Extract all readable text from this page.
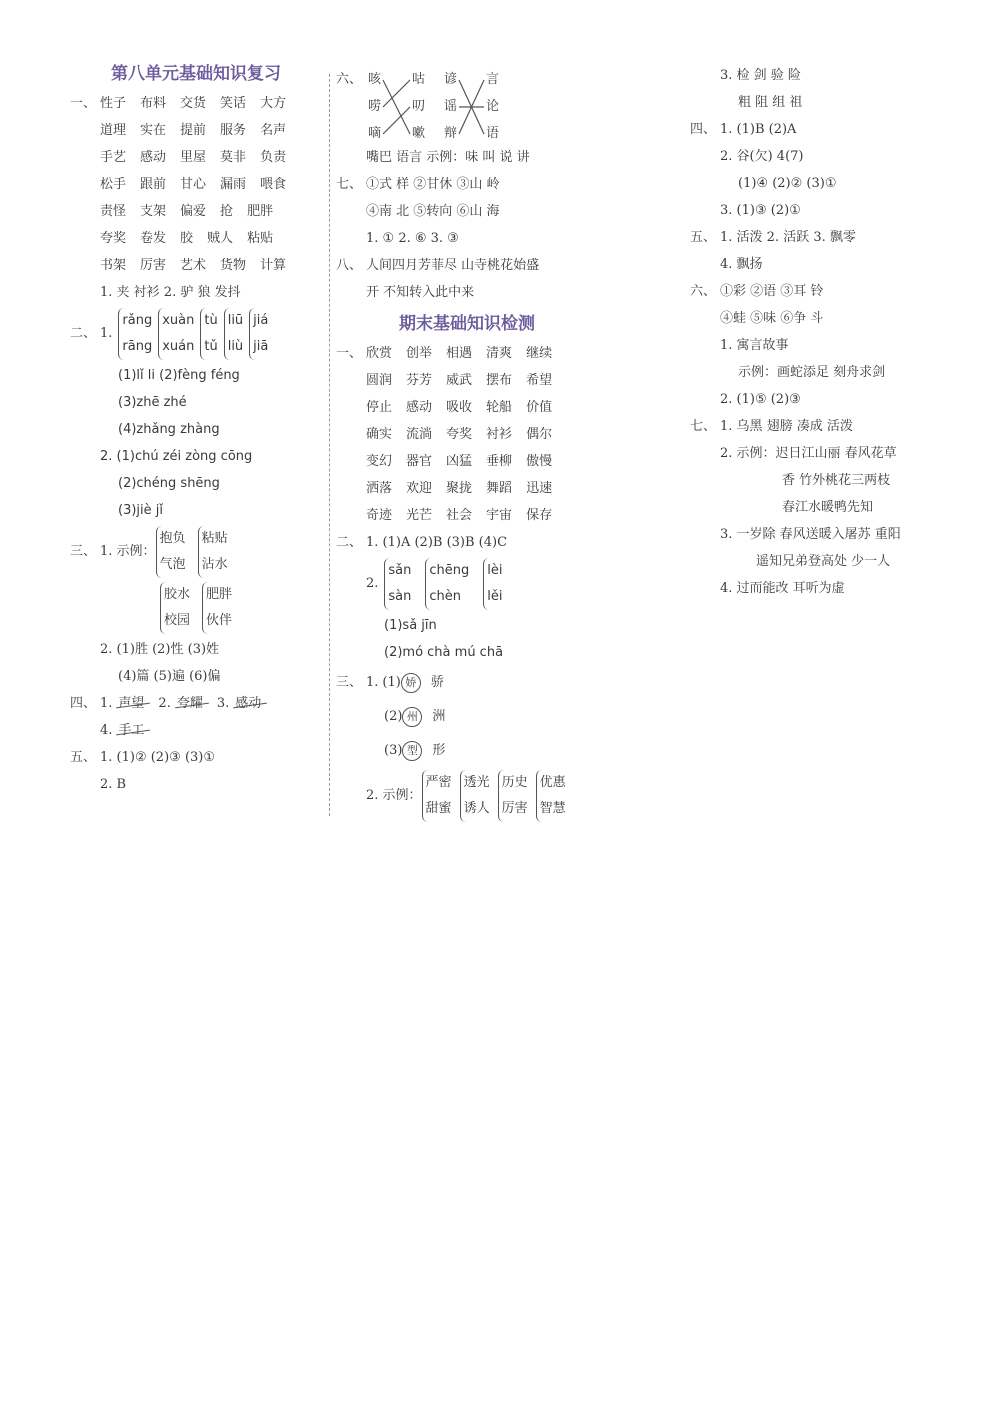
第八单元基础知识复习
一、 性子 布料 交货 笑话 大方
道理 实在 提前 服务 名声
手艺 感动 里屋 莫非 负责
松手 跟前 甘心 漏雨 喂食
责怪 支架 偏爱 抢 肥胖
夸奖 卷发 胶 贼人 粘贴
书架 厉害 艺术 货物 计算
1. 夹 衬衫 2. 驴 狼 发抖
二、 1.
rǎng
rāng
xuàn
xuán
tù
tǔ
liū
liù
jiá
jiā
(1)lǐ li (2)fèng féng
(3)zhē zhé
(4)zhǎng zhàng
2. (1)chú zéi zòng cōng
(2)chéng shēng
(3)jiè jǐ
三、 1. 示例：
抱负
气泡
粘贴
沾水
胶水
校园
肥胖
伙伴
2. (1)胜 (2)性 (3)姓
(4)篇 (5)遍 (6)偏
四、 1. 声望 2. 夸耀 3. 感动
4. 手工
五、 1. (1)② (2)③ (3)①
2. B
六、 咳
唠
嘀
咕
叨
嗽
谚
谣
辩
言
论
语
嘴巴 语言 示例：味 叫 说 讲
七、 ①式 样 ②甘休 ③山 岭
④南 北 ⑤转向 ⑥山 海
1. ① 2. ⑥ 3. ③
八、 人间四月芳菲尽 山寺桃花始盛
开 不知转入此中来
期末基础知识检测
一、 欣赏 创举 相遇 清爽 继续
圆润 芬芳 威武 摆布 希望
停止 感动 吸收 轮船 价值
确实 流淌 夸奖 衬衫 偶尔
变幻 器官 凶猛 垂柳 傲慢
洒落 欢迎 聚拢 舞蹈 迅速
奇迹 光芒 社会 宇宙 保存
二、 1. (1)A (2)B (3)B (4)C
2.
sǎn
sàn
chēng
chèn
lèi
lěi
(1)sǎ jīn
(2)mó chà mú chā
三、 1. (1) 娇 骄
(2) 州 洲
(3) 型 形
2. 示例：
严密
甜蜜
透光
诱人
历史
厉害
优惠
智慧
3. 检 剑 验 险
粗 阻 组 祖
四、 1. (1)B (2)A
2. 谷(欠) 4(7)
(1)④ (2)② (3)①
3. (1)③ (2)①
五、 1. 活泼 2. 活跃 3. 飘零
4. 飘扬
六、 ①彩 ②语 ③耳 铃
④蛙 ⑤味 ⑥争 斗
1. 寓言故事
示例：画蛇添足 刻舟求剑
2. (1)⑤ (2)③
七、 1. 乌黑 翅膀 凑成 活泼
2. 示例：迟日江山丽 春风花草
香 竹外桃花三两枝
春江水暖鸭先知
3. 一岁除 春风送暖入屠苏 重阳
遥知兄弟登高处 少一人
4. 过而能改 耳听为虚
